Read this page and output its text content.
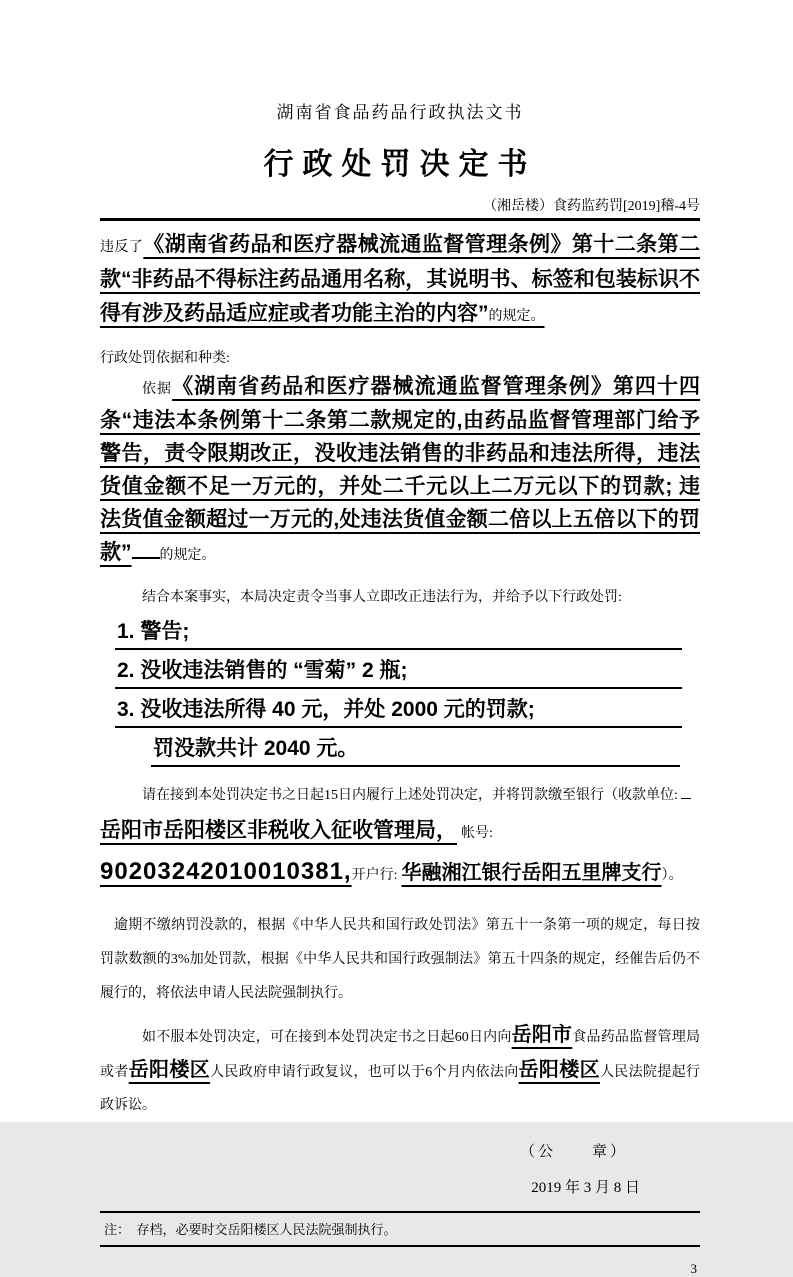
湖南省食品药品行政执法文书
行政处罚决定书
（湘岳楼）食药监药罚[2019]稽-4号

违反了《湖南省药品和医疗器械流通监督管理条例》第十二条第二款“非药品不得标注药品通用名称，其说明书、标签和包装标识不得有涉及药品适应症或者功能主治的内容”的规定。

行政处罚依据和种类:

依据《湖南省药品和医疗器械流通监督管理条例》第四十四条“违法本条例第十二条第二款规定的,由药品监督管理部门给予警告，责令限期改正，没收违法销售的非药品和违法所得，违法货值金额不足一万元的，并处二千元以上二万元以下的罚款; 违法货值金额超过一万元的,处违法货值金额二倍以上五倍以下的罚款” 的规定。

结合本案事实，本局决定责令当事人立即改正违法行为，并给予以下行政处罚:

1. 警告;
2. 没收违法销售的 “雪菊” 2 瓶;
3. 没收违法所得 40 元，并处 2000 元的罚款;
罚没款共计 2040 元。
请在接到本处罚决定书之日起15日内履行上述处罚决定，并将罚款缴至银行（收款单位:
岳阳市岳阳楼区非税收入征收管理局， 帐号:
90203242010010381,开户行: 华融湘江银行岳阳五里牌支行）。

逾期不缴纳罚没款的，根据《中华人民共和国行政处罚法》第五十一条第一项的规定，每日按罚款数额的3%加处罚款，根据《中华人民共和国行政强制法》第五十四条的规定，经催告后仍不履行的，将依法申请人民法院强制执行。

如不服本处罚决定，可在接到本处罚决定书之日起60日内向岳阳市食品药品监督管理局或者岳阳楼区人民政府申请行政复议，也可以于6个月内依法向岳阳楼区人民法院提起行政诉讼。

（公　　章）
2019 年 3 月 8 日
注：　存档，必要时交岳阳楼区人民法院强制执行。
3
